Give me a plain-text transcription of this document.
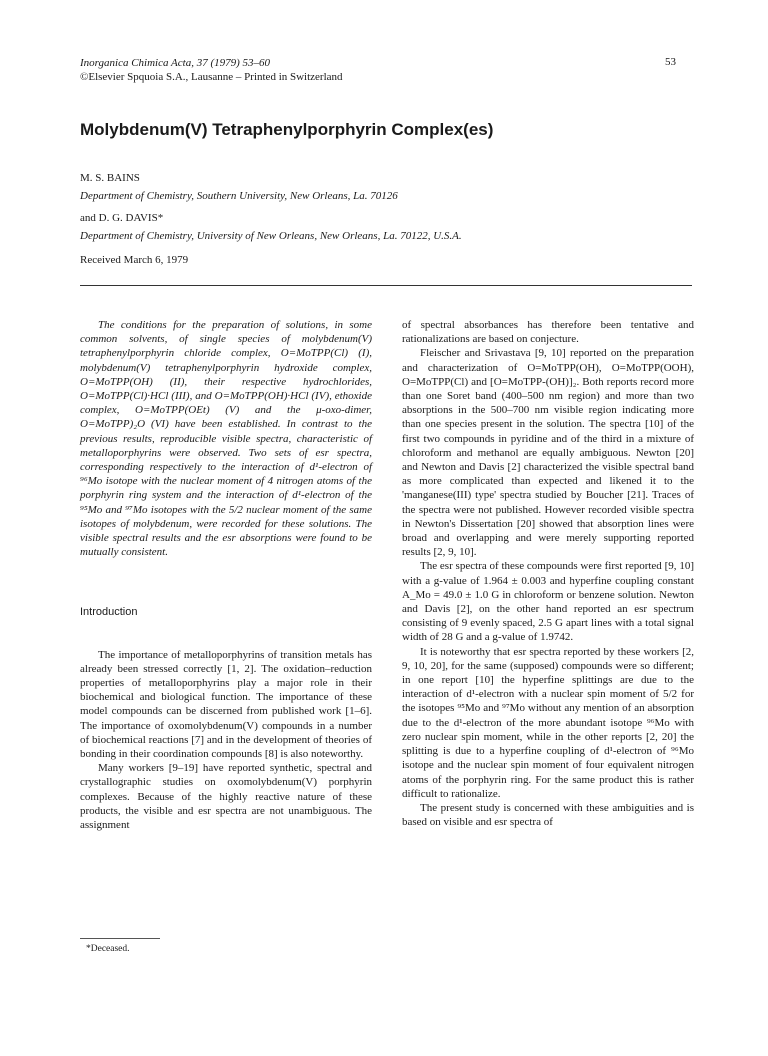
Inorganica Chimica Acta, 37 (1979) 53–60
©Elsevier Spquoia S.A., Lausanne – Printed in Switzerland
53
Molybdenum(V) Tetraphenylporphyrin Complex(es)
M. S. BAINS
Department of Chemistry, Southern University, New Orleans, La. 70126
and D. G. DAVIS*
Department of Chemistry, University of New Orleans, New Orleans, La. 70122, U.S.A.
Received March 6, 1979

The conditions for the preparation of solutions, in some common solvents, of single species of molybdenum(V) tetraphenylporphyrin chloride complex, O=MoTPP(Cl) (I), molybdenum(V) tetraphenylporphyrin hydroxide complex, O=MoTPP(OH) (II), their respective hydrochlorides, O=MoTPP(Cl)·HCl (III), and O=MoTPP(OH)·HCl (IV), ethoxide complex, O=MoTPP(OEt) (V) and the μ-oxo-dimer, O=MoTPP)₂O (VI) have been established. In contrast to the previous results, reproducible visible spectra, characteristic of metalloporphyrins were observed. Two sets of esr spectra, corresponding respectively to the interaction of d¹-electron of ⁹⁶Mo isotope with the nuclear moment of 4 nitrogen atoms of the porphyrin ring system and the interaction of d¹-electron of the ⁹⁵Mo and ⁹⁷Mo isotopes with the 5/2 nuclear moment of the same isotopes of molybdenum, were recorded for these solutions. The visible spectral results and the esr absorptions were found to be mutually consistent.

Introduction

The importance of metalloporphyrins of transition metals has already been stressed correctly [1, 2]. The oxidation–reduction properties of metalloporphyrins play a major role in their biochemical and biological function. The importance of these model compounds can be discerned from published work [1–6]. The importance of oxomolybdenum(V) compounds in a number of biochemical reactions [7] and in the development of theories of bonding in their coordination compounds [8] is also noteworthy.

Many workers [9–19] have reported synthetic, spectral and crystallographic studies on oxomolybdenum(V) porphyrin complexes. Because of the highly reactive nature of these products, the visible and esr spectra are not unambiguous. The assignment

of spectral absorbances has therefore been tentative and rationalizations are based on conjecture.

Fleischer and Srivastava [9, 10] reported on the preparation and characterization of O=MoTPP(OH), O=MoTPP(OOH), O=MoTPP(Cl) and [O=MoTPP-(OH)]₂. Both reports record more than one Soret band (400–500 nm region) and more than two absorptions in the 500–700 nm visible region indicating more than one species present in the solution. The spectra [10] of the first two compounds in pyridine and of the third in a mixture of chloroform and methanol are equally ambiguous. Newton [20] and Newton and Davis [2] characterized the visible spectral band as more complicated than expected and likened it to the 'manganese(III) type' spectra studied by Boucher [21]. Traces of the spectra were not published. However recorded visible spectra in Newton's Dissertation [20] showed that absorption lines were broad and overlapping and were merely supporting reported results [2, 9, 10].

The esr spectra of these compounds were first reported [9, 10] with a g-value of 1.964 ± 0.003 and hyperfine coupling constant A_Mo = 49.0 ± 1.0 G in chloroform or benzene solution. Newton and Davis [2], on the other hand reported an esr spectrum consisting of 9 evenly spaced, 2.5 G apart lines with a total signal width of 28 G and a g-value of 1.9742.

It is noteworthy that esr spectra reported by these workers [2, 9, 10, 20], for the same (supposed) compounds were so different; in one report [10] the hyperfine splittings are due to the interaction of d¹-electron with a nuclear spin moment of 5/2 for the isotopes ⁹⁵Mo and ⁹⁷Mo without any mention of an absorption due to the d¹-electron of the more abundant isotope ⁹⁶Mo with zero nuclear spin moment, while in the other reports [2, 20] the splitting is due to a hyperfine coupling of d¹-electron of ⁹⁶Mo isotope and the nuclear spin moment of four equivalent nitrogen atoms of the porphyrin ring. For the same product this is rather difficult to rationalize.

The present study is concerned with these ambiguities and is based on visible and esr spectra of

*Deceased.
